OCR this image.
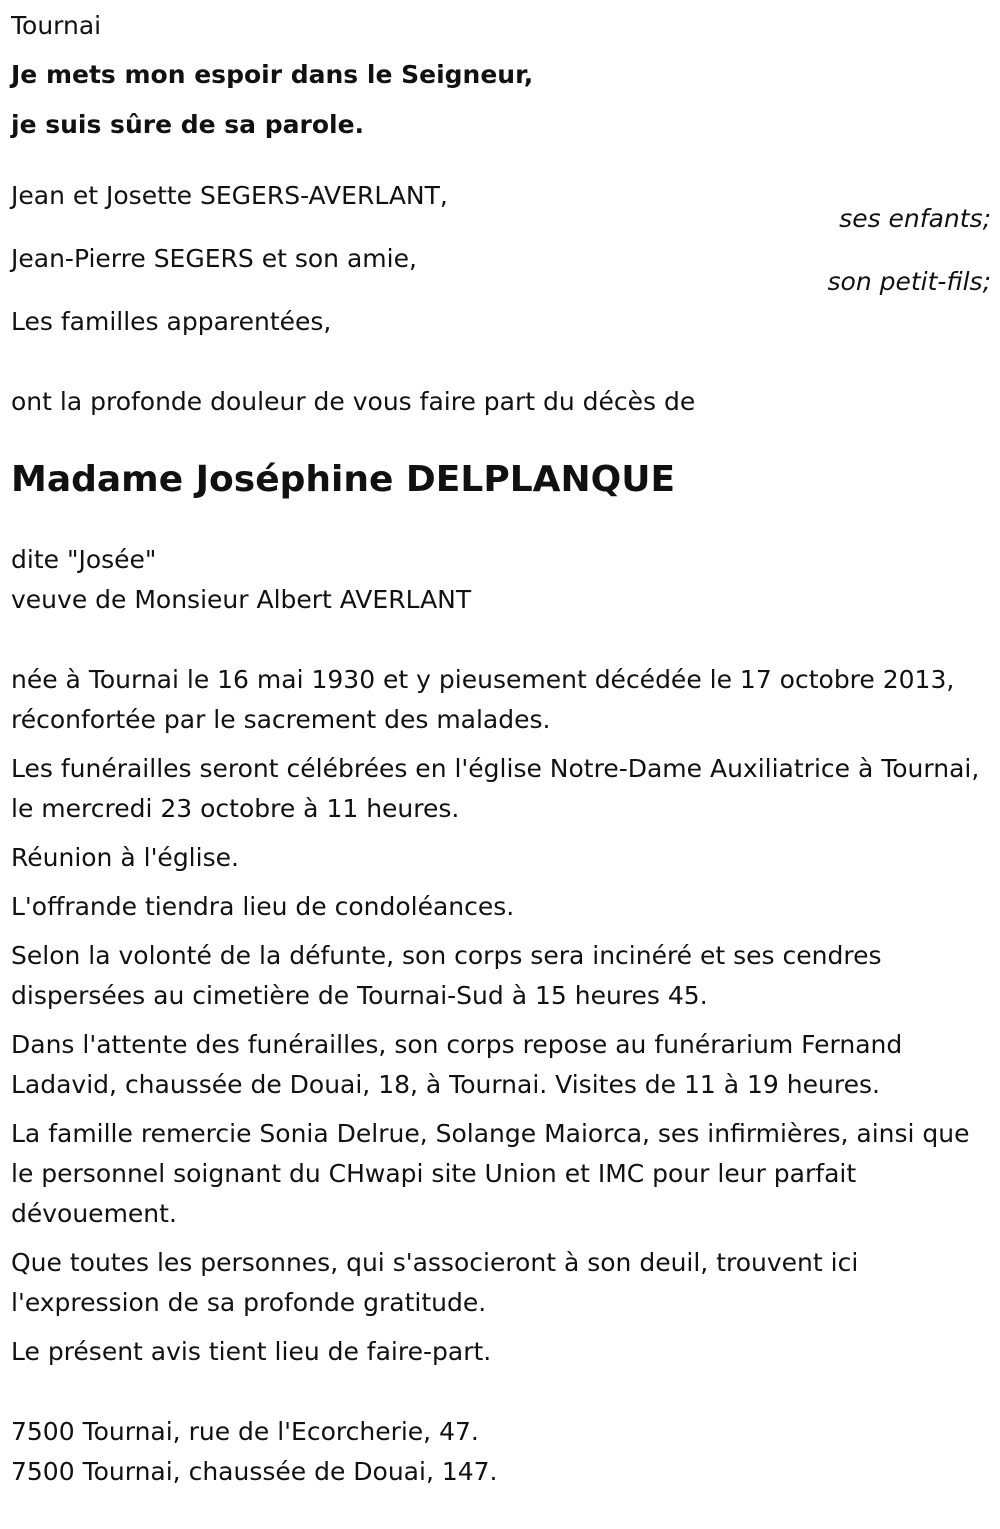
Tournai
Je mets mon espoir dans le Seigneur,
je suis sûre de sa parole.
Jean et Josette SEGERS-AVERLANT,
ses enfants;
Jean-Pierre SEGERS et son amie,
son petit-fils;
Les familles apparentées,
ont la profonde douleur de vous faire part du décès de
Madame Joséphine DELPLANQUE
dite "Josée"
veuve de Monsieur Albert AVERLANT

née à Tournai le 16 mai 1930 et y pieusement décédée le 17 octobre 2013, réconfortée par le sacrement des malades.

Les funérailles seront célébrées en l'église Notre-Dame Auxiliatrice à Tournai, le mercredi 23 octobre à 11 heures.

Réunion à l'église.

L'offrande tiendra lieu de condoléances.

Selon la volonté de la défunte, son corps sera incinéré et ses cendres dispersées au cimetière de Tournai-Sud à 15 heures 45.

Dans l'attente des funérailles, son corps repose au funérarium Fernand Ladavid, chaussée de Douai, 18, à Tournai. Visites de 11 à 19 heures.

La famille remercie Sonia Delrue, Solange Maiorca, ses infirmières, ainsi que le personnel soignant du CHwapi site Union et IMC pour leur parfait dévouement.

Que toutes les personnes, qui s'associeront à son deuil, trouvent ici l'expression de sa profonde gratitude.

Le présent avis tient lieu de faire-part.

7500 Tournai, rue de l'Ecorcherie, 47.
7500 Tournai, chaussée de Douai, 147.
